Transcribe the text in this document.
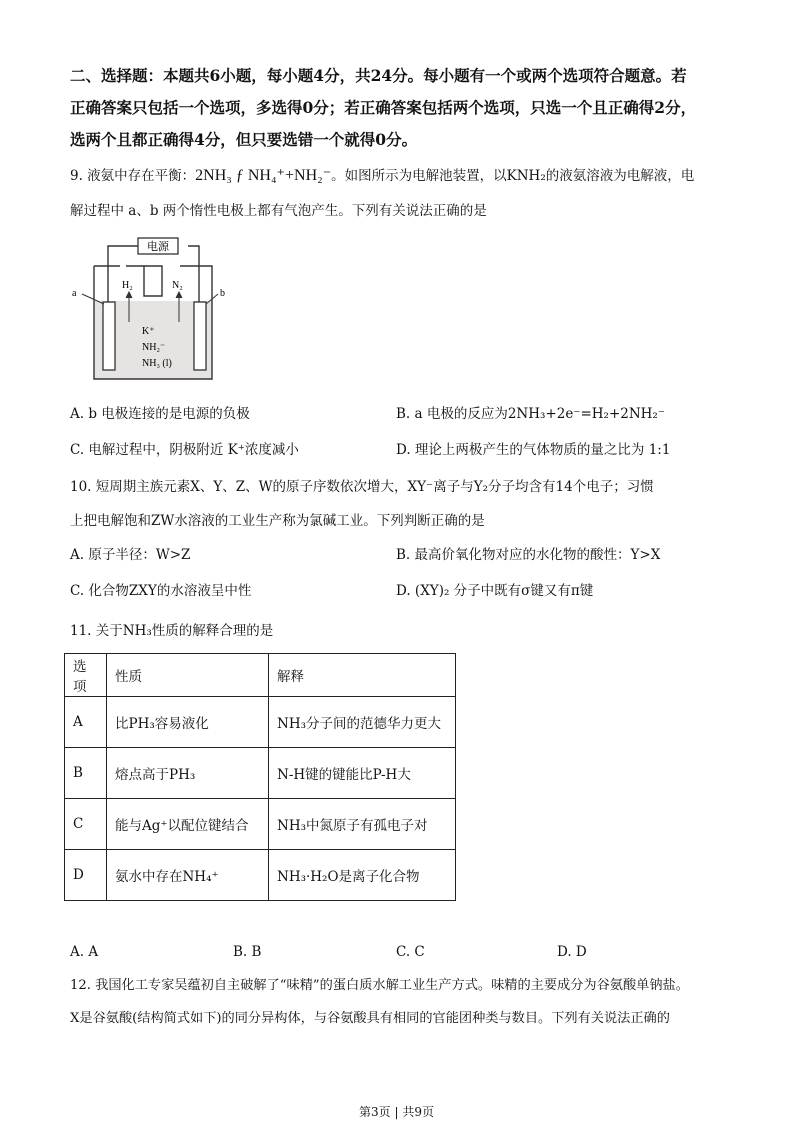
二、选择题：本题共6小题，每小题4分，共24分。每小题有一个或两个选项符合题意。若
正确答案只包括一个选项，多选得0分；若正确答案包括两个选项，只选一个且正确得2分，
选两个且都正确得4分，但只要选错一个就得0分。
9. 液氨中存在平衡：2NH₃ ƒ NH₄⁺+NH₂⁻。如图所示为电解池装置，以KNH₂的液氨溶液为电解液，电
解过程中 a、b 两个惰性电极上都有气泡产生。下列有关说法正确的是
电源
a	b
H₂	N₂
K⁺
NH₂⁻
NH₃ (l)
A. b 电极连接的是电源的负极	B. a 电极的反应为2NH₃+2e⁻=H₂+2NH₂⁻
C. 电解过程中，阴极附近 K⁺浓度减小	D. 理论上两极产生的气体物质的量之比为 1:1
10. 短周期主族元素X、Y、Z、W的原子序数依次增大，XY⁻离子与Y₂分子均含有14个电子；习惯
上把电解饱和ZW水溶液的工业生产称为氯碱工业。下列判断正确的是
A. 原子半径：W>Z	B. 最高价氧化物对应的水化物的酸性：Y>X
C. 化合物ZXY的水溶液呈中性	D. (XY)₂ 分子中既有σ键又有π键
11. 关于NH₃性质的解释合理的是
选项	性质	解释
A	比PH₃容易液化	NH₃分子间的范德华力更大
B	熔点高于PH₃	N-H键的键能比P-H大
C	能与Ag⁺以配位键结合	NH₃中氮原子有孤电子对
D	氨水中存在NH₄⁺	NH₃·H₂O是离子化合物
A. A	B. B	C. C	D. D
12. 我国化工专家吴蕴初自主破解了“味精”的蛋白质水解工业生产方式。味精的主要成分为谷氨酸单钠盐。
X是谷氨酸(结构简式如下)的同分异构体，与谷氨酸具有相同的官能团种类与数目。下列有关说法正确的
第3页 | 共9页
